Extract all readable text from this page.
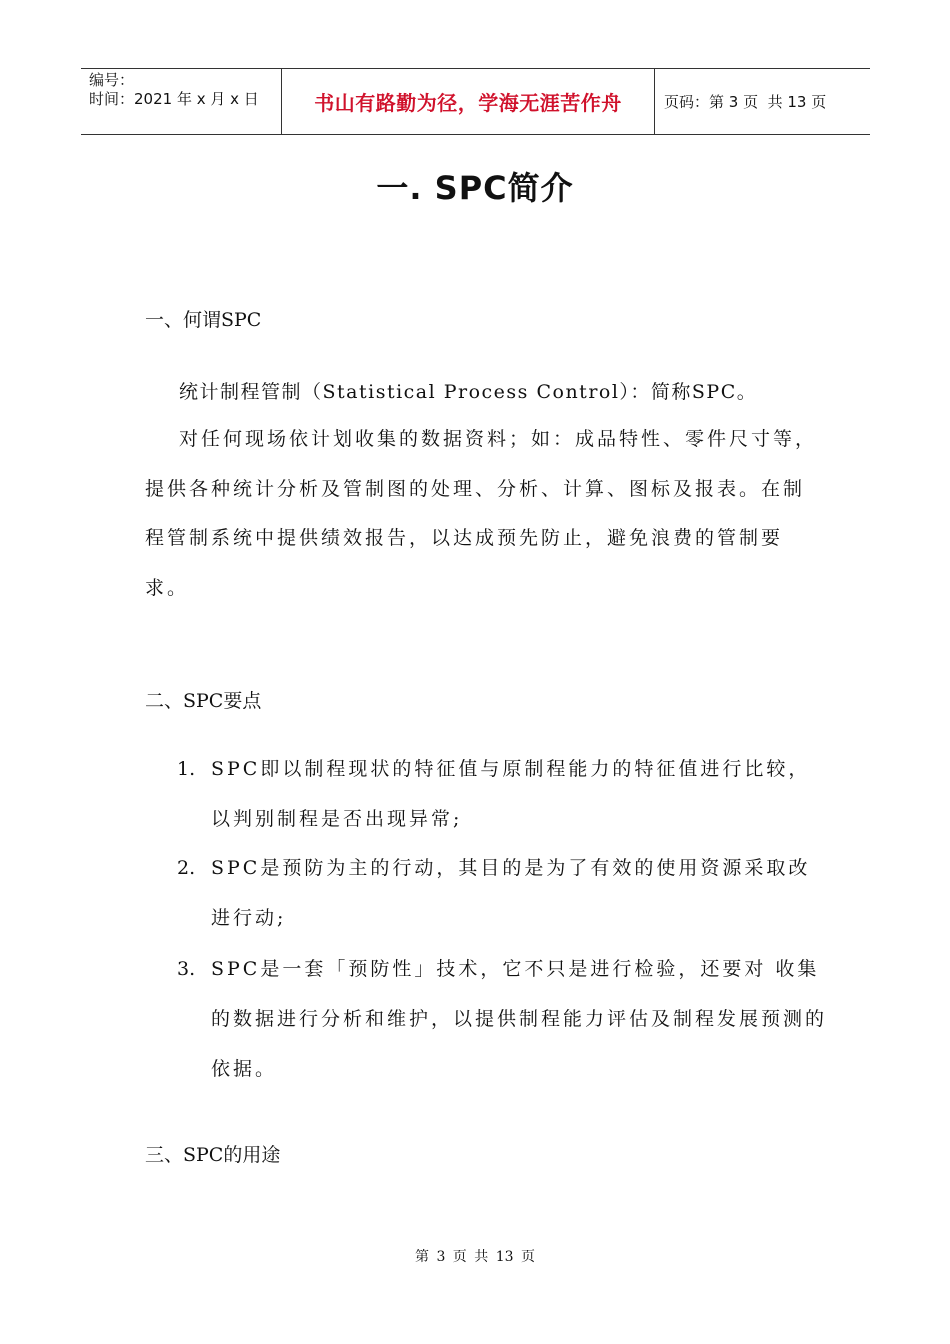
编号：
时间：2021 年 x 月 x 日	书山有路勤为径，学海无涯苦作舟	页码：第 3 页  共 13 页
一. SPC简介
一、何谓SPC
统计制程管制（Statistical Process Control）：简称SPC。
对任何现场依计划收集的数据资料；如：成品特性、零件尺寸等，提供各种统计分析及管制图的处理、分析、计算、图标及报表。在制程管制系统中提供绩效报告，以达成预先防止，避免浪费的管制要求。
二、SPC要点
1. SPC即以制程现状的特征值与原制程能力的特征值进行比较，以判别制程是否出现异常;
2. SPC是预防为主的行动，其目的是为了有效的使用资源采取改进行动;
3. SPC是一套「预防性」技术，它不只是进行检验，还要对 收集的数据进行分析和维护，以提供制程能力评估及制程发展预测的依据。
三、SPC的用途
第 3 页 共 13 页
